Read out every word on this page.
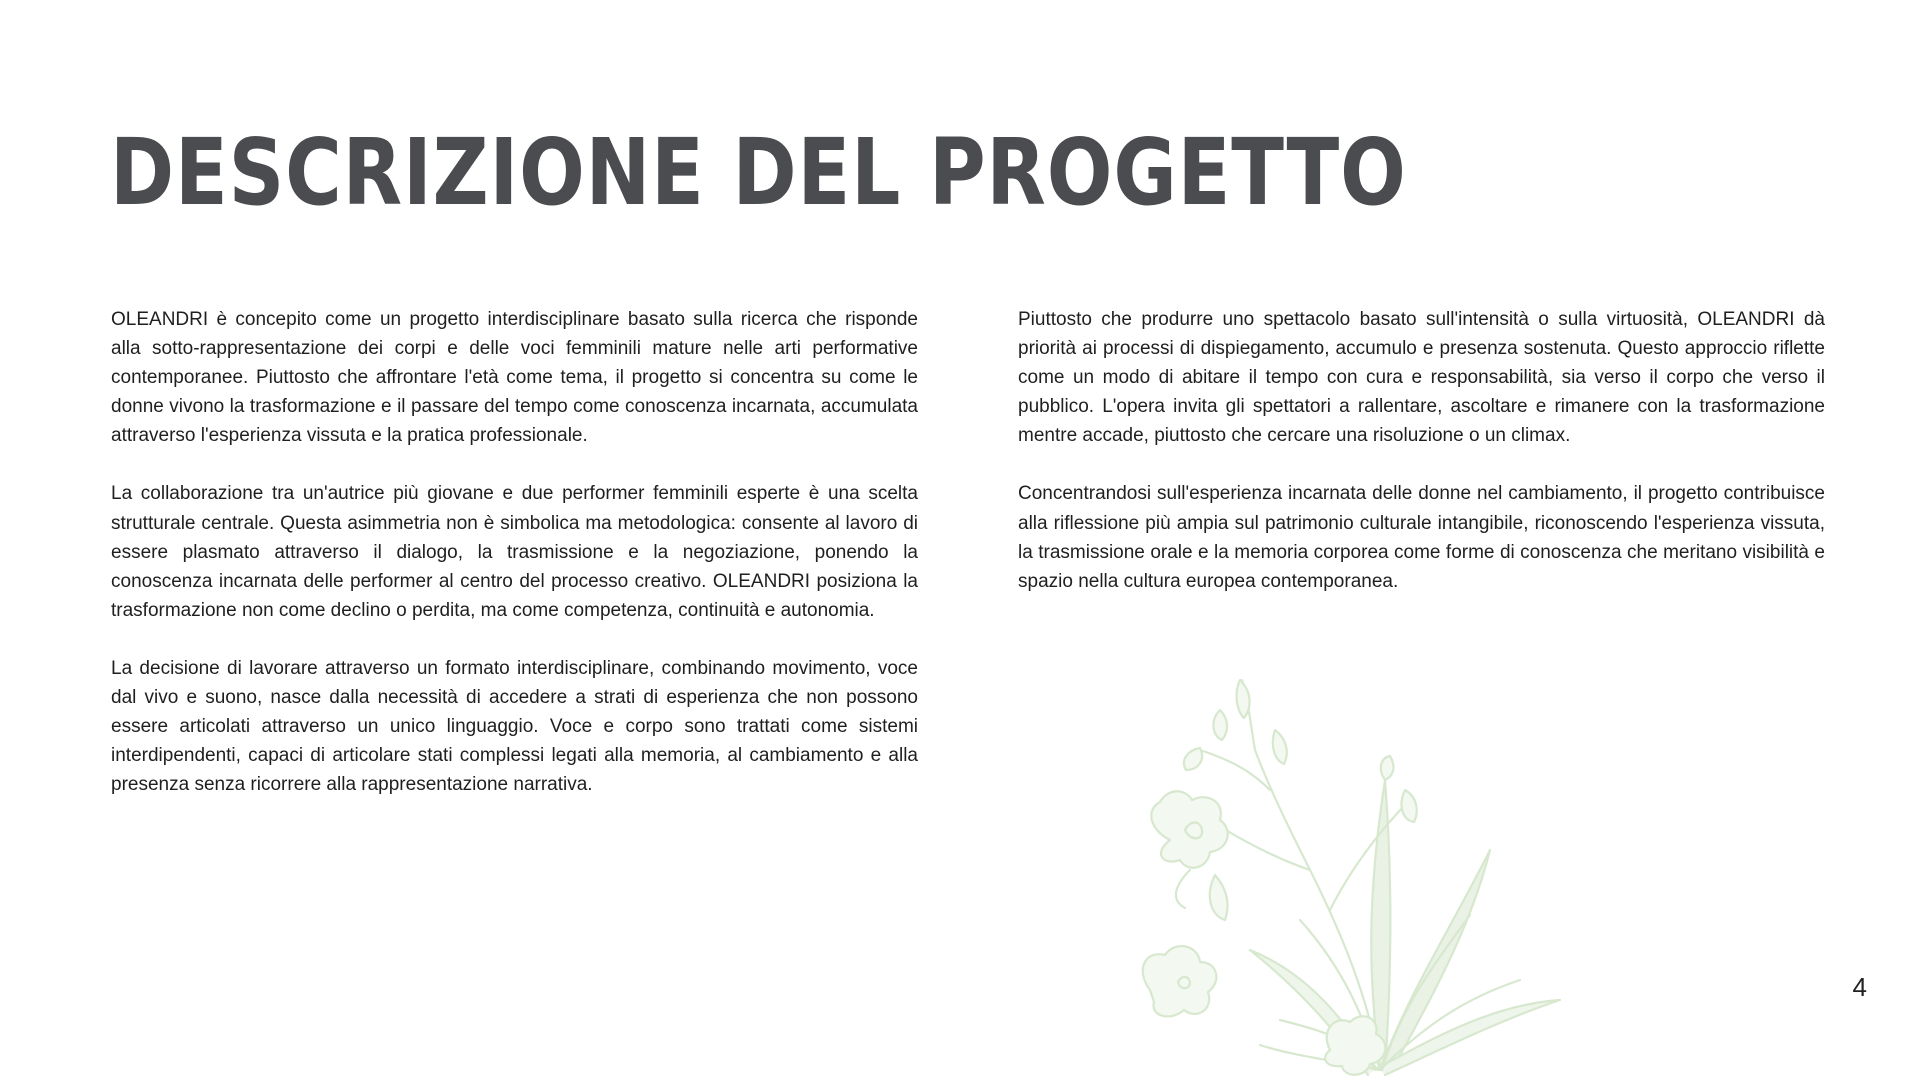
DESCRIZIONE DEL PROGETTO

OLEANDRI è concepito come un progetto interdisciplinare basato sulla ricerca che risponde alla sotto-rappresentazione dei corpi e delle voci femminili mature nelle arti performative contemporanee. Piuttosto che affrontare l'età come tema, il progetto si concentra su come le donne vivono la trasformazione e il passare del tempo come conoscenza incarnata, accumulata attraverso l'esperienza vissuta e la pratica professionale.

La collaborazione tra un'autrice più giovane e due performer femminili esperte è una scelta strutturale centrale. Questa asimmetria non è simbolica ma metodologica: consente al lavoro di essere plasmato attraverso il dialogo, la trasmissione e la negoziazione, ponendo la conoscenza incarnata delle performer al centro del processo creativo. OLEANDRI posiziona la trasformazione non come declino o perdita, ma come competenza, continuità e autonomia.

La decisione di lavorare attraverso un formato interdisciplinare, combinando movimento, voce dal vivo e suono, nasce dalla necessità di accedere a strati di esperienza che non possono essere articolati attraverso un unico linguaggio. Voce e corpo sono trattati come sistemi interdipendenti, capaci di articolare stati complessi legati alla memoria, al cambiamento e alla presenza senza ricorrere alla rappresentazione narrativa.

Piuttosto che produrre uno spettacolo basato sull'intensità o sulla virtuosità, OLEANDRI dà priorità ai processi di dispiegamento, accumulo e presenza sostenuta. Questo approccio riflette come un modo di abitare il tempo con cura e responsabilità, sia verso il corpo che verso il pubblico. L'opera invita gli spettatori a rallentare, ascoltare e rimanere con la trasformazione mentre accade, piuttosto che cercare una risoluzione o un climax.

Concentrandosi sull'esperienza incarnata delle donne nel cambiamento, il progetto contribuisce alla riflessione più ampia sul patrimonio culturale intangibile, riconoscendo l'esperienza vissuta, la trasmissione orale e la memoria corporea come forme di conoscenza che meritano visibilità e spazio nella cultura europea contemporanea.

4
